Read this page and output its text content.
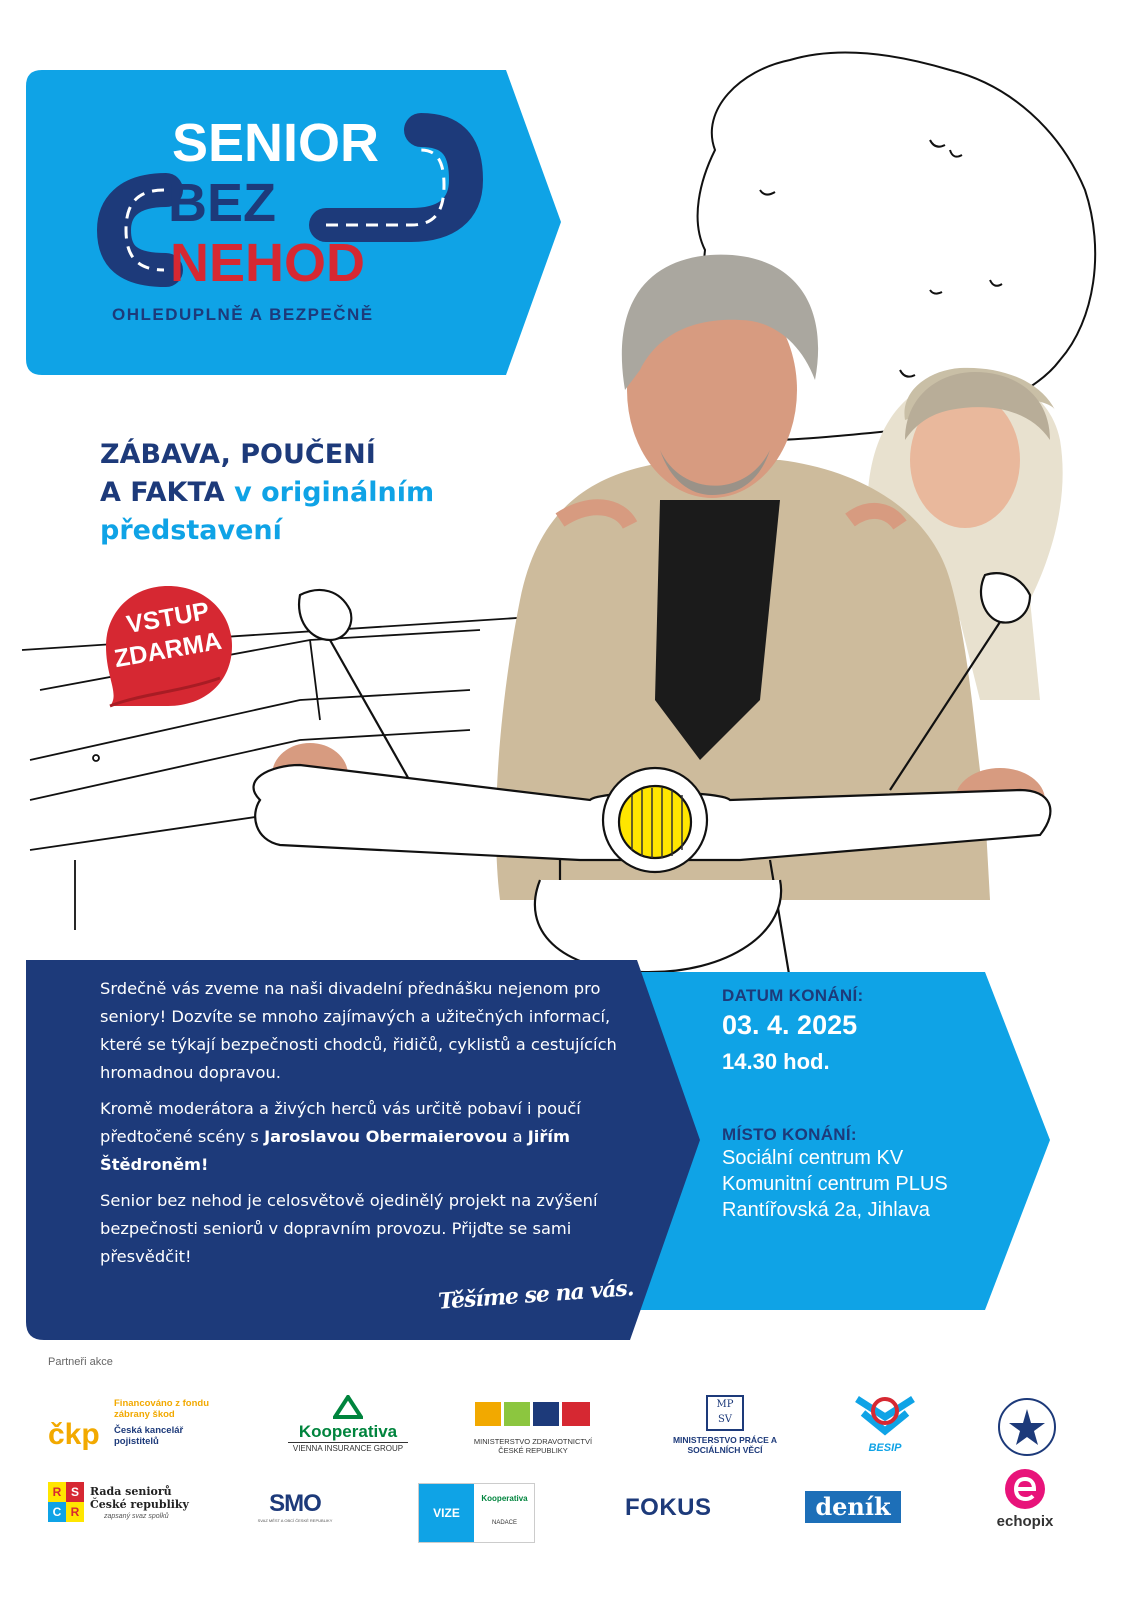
SENIOR
BEZ
NEHOD
OHLEDUPLNĚ A BEZPEČNĚ
ZÁBAVA, POUČENÍ
A FAKTA v originálním
představení
VSTUP
ZDARMA

Srdečně vás zveme na naši divadelní přednášku nejenom pro seniory! Dozvíte se mnoho zajímavých a užitečných informací, které se týkají bezpečnosti chodců, řidičů, cyklistů a cestujících hromadnou dopravou.

Kromě moderátora a živých herců vás určitě pobaví i poučí předtočené scény s Jaroslavou Obermaierovou a Jiřím Štědroněm!

Senior bez nehod je celosvětově ojedinělý projekt na zvýšení bezpečnosti seniorů v dopravním provozu. Přijďte se sami přesvědčit!

Těšíme se na vás.
DATUM KONÁNÍ:
03. 4. 2025
14.30 hod.
MÍSTO KONÁNÍ:
Sociální centrum KV
Komunitní centrum PLUS
Rantířovská 2a, Jihlava
Partneři akce
Financováno z fondu zábrany škod
čkp Česká kancelář pojistitelů
Kooperativa
VIENNA INSURANCE GROUP
MINISTERSTVO ZDRAVOTNICTVÍ ČESKÉ REPUBLIKY
MP SV
MINISTERSTVO PRÁCE A SOCIÁLNÍCH VĚCÍ	BESIP
R S
C R
Rada seniorů České republiky
zapsaný svaz spolků	SMO
SVAZ MĚST A OBCÍ ČESKÉ REPUBLIKY
VIZE
Kooperativa
NADACE
FOKUS	deník
echopix
